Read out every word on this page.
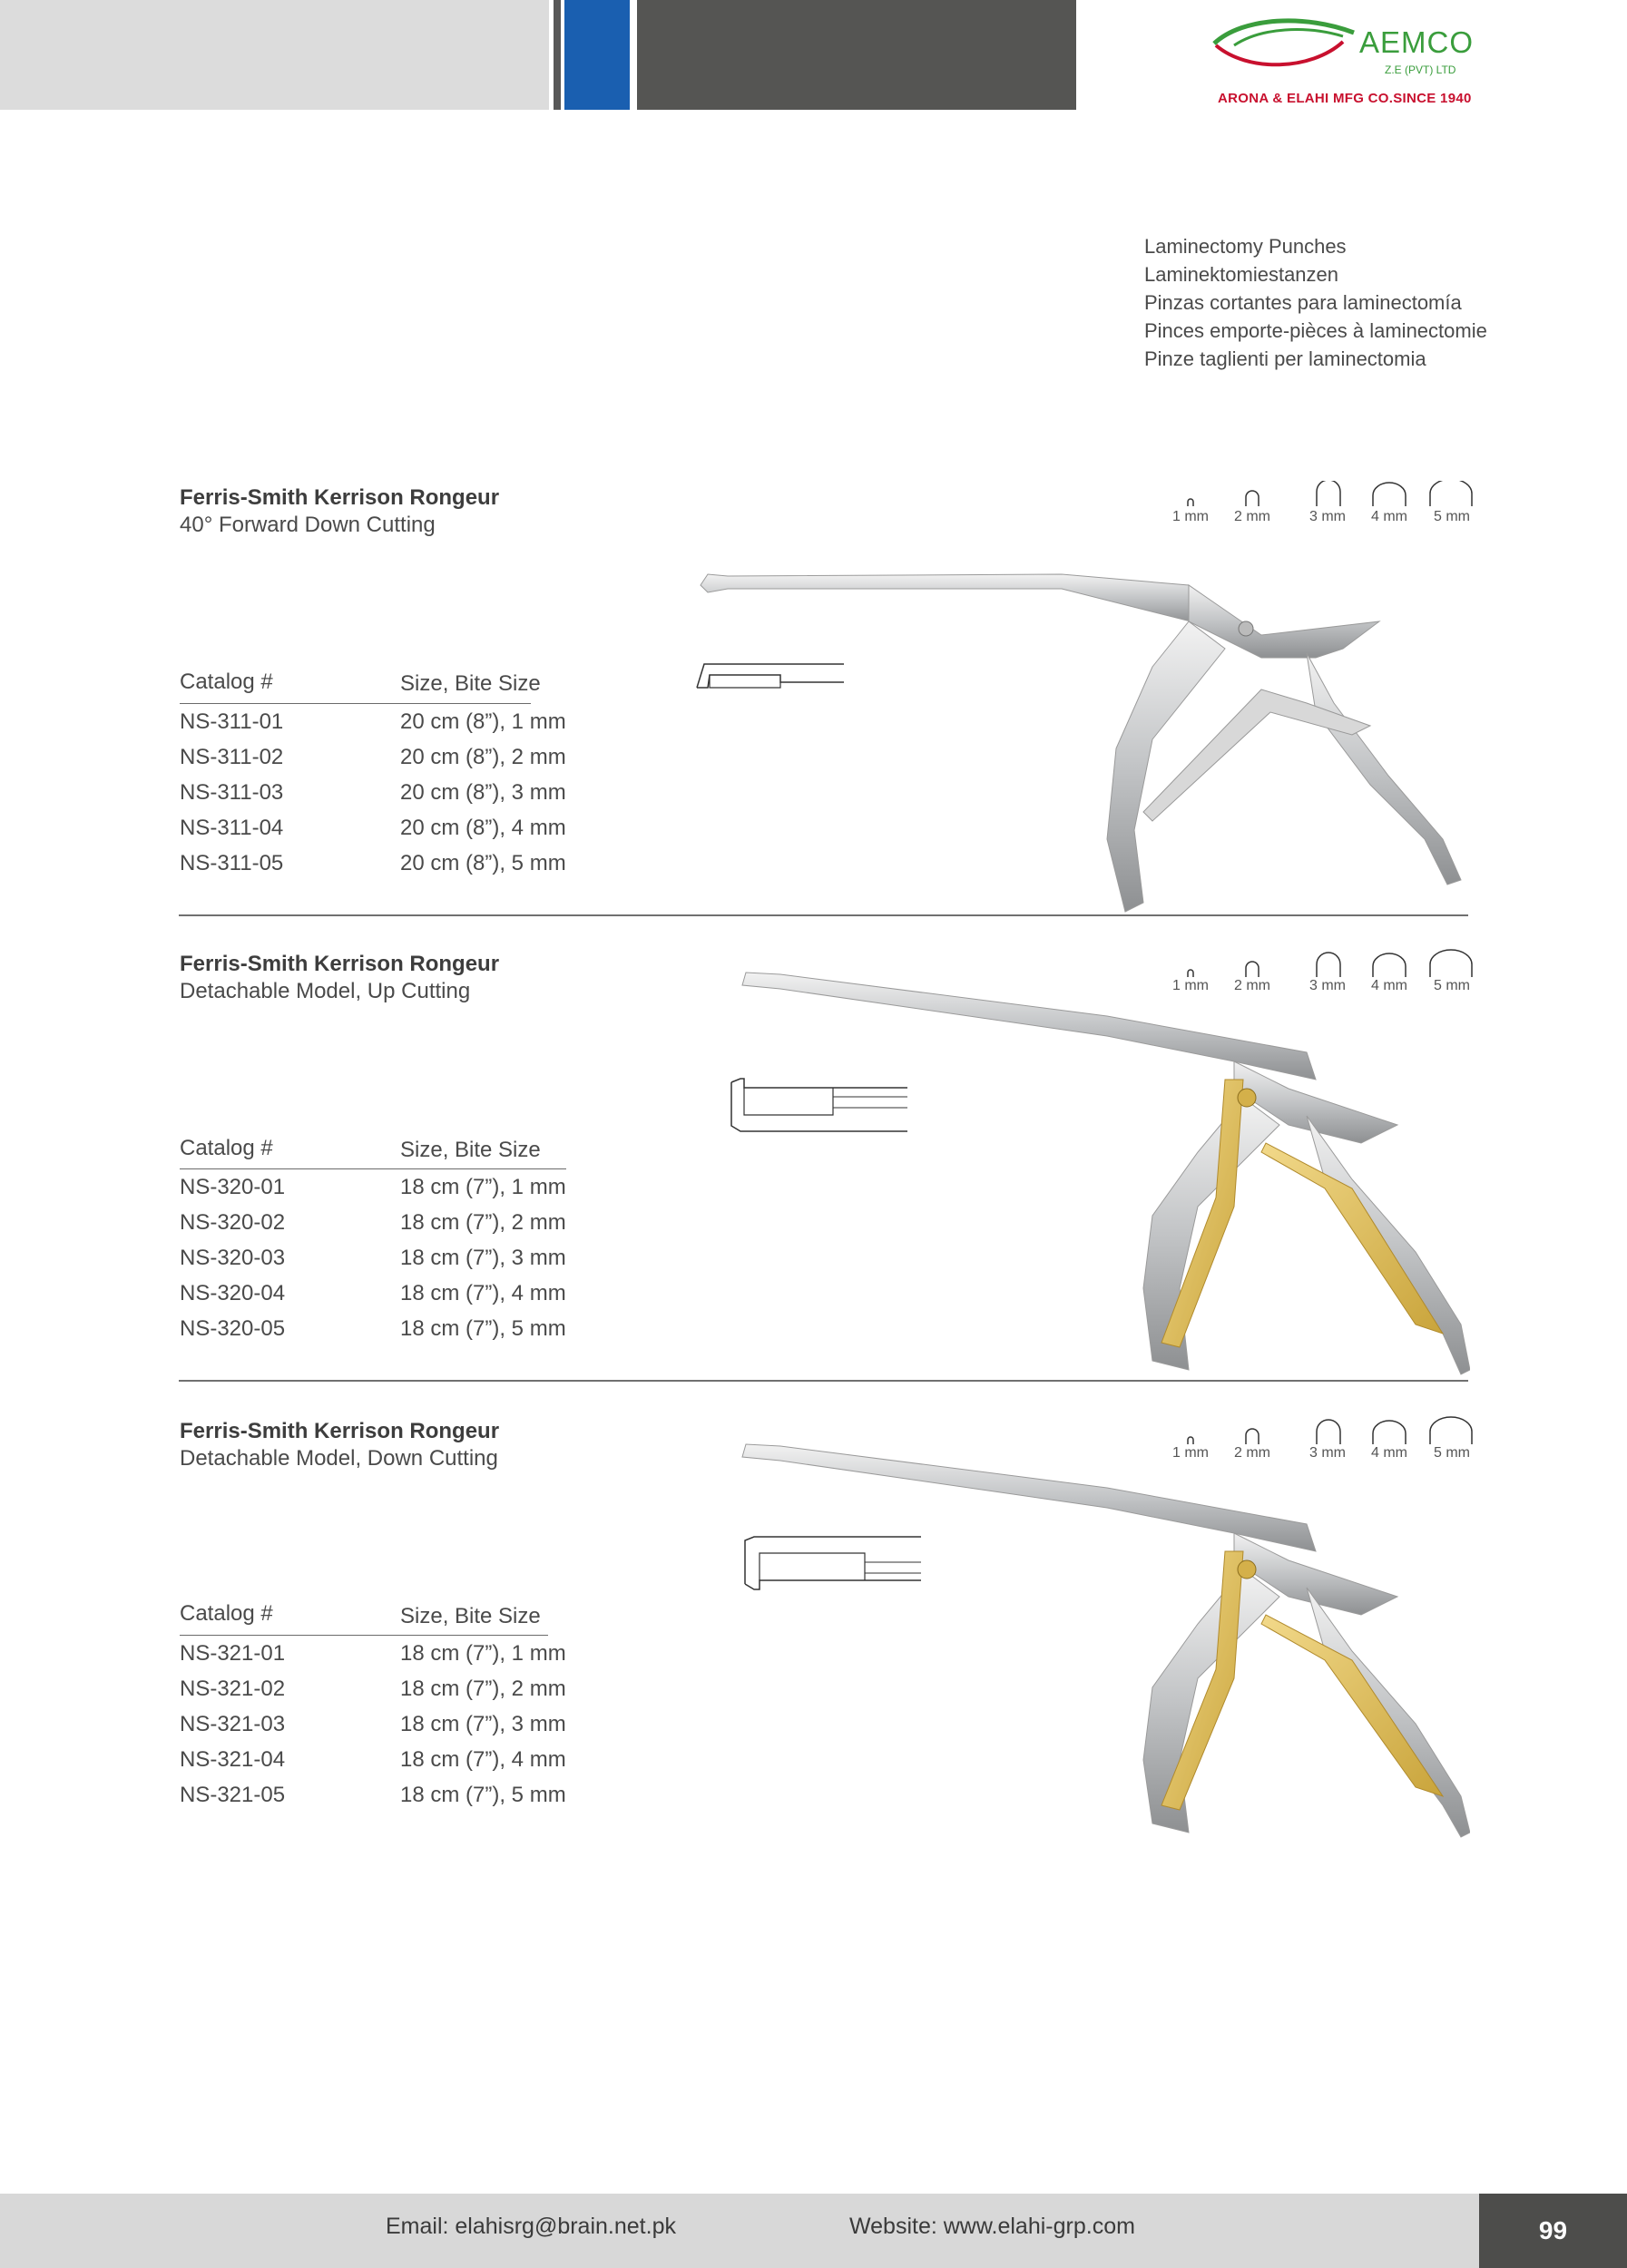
AEMCO
Z.E (PVT) LTD
ARONA & ELAHI MFG CO.SINCE 1940
Laminectomy Punches
Laminektomiestanzen
Pinzas cortantes para laminectomía
Pinces emporte-pièces à laminectomie
Pinze taglienti per laminectomia
Ferris-Smith Kerrison Rongeur
40° Forward Down Cutting	1 mm	2 mm	3 mm	4 mm	5 mm
Catalog #	Size, Bite Size
NS-311-01	20 cm (8”), 1 mm
NS-311-02	20 cm (8”), 2 mm
NS-311-03	20 cm (8”), 3 mm
NS-311-04	20 cm (8”), 4 mm
NS-311-05	20 cm (8”), 5 mm
Ferris-Smith Kerrison Rongeur
Detachable Model, Up Cutting	1 mm	2 mm	3 mm	4 mm	5 mm
Catalog #	Size, Bite Size
NS-320-01	18 cm (7”), 1 mm
NS-320-02	18 cm (7”), 2 mm
NS-320-03	18 cm (7”), 3 mm
NS-320-04	18 cm (7”), 4 mm
NS-320-05	18 cm (7”), 5 mm
Ferris-Smith Kerrison Rongeur
Detachable Model, Down Cutting	1 mm	2 mm	3 mm	4 mm	5 mm
Catalog #	Size, Bite Size
NS-321-01	18 cm (7”), 1 mm
NS-321-02	18 cm (7”), 2 mm
NS-321-03	18 cm (7”), 3 mm
NS-321-04	18 cm (7”), 4 mm
NS-321-05	18 cm (7”), 5 mm
Email: elahisrg@brain.net.pk	Website: www.elahi-grp.com	99
